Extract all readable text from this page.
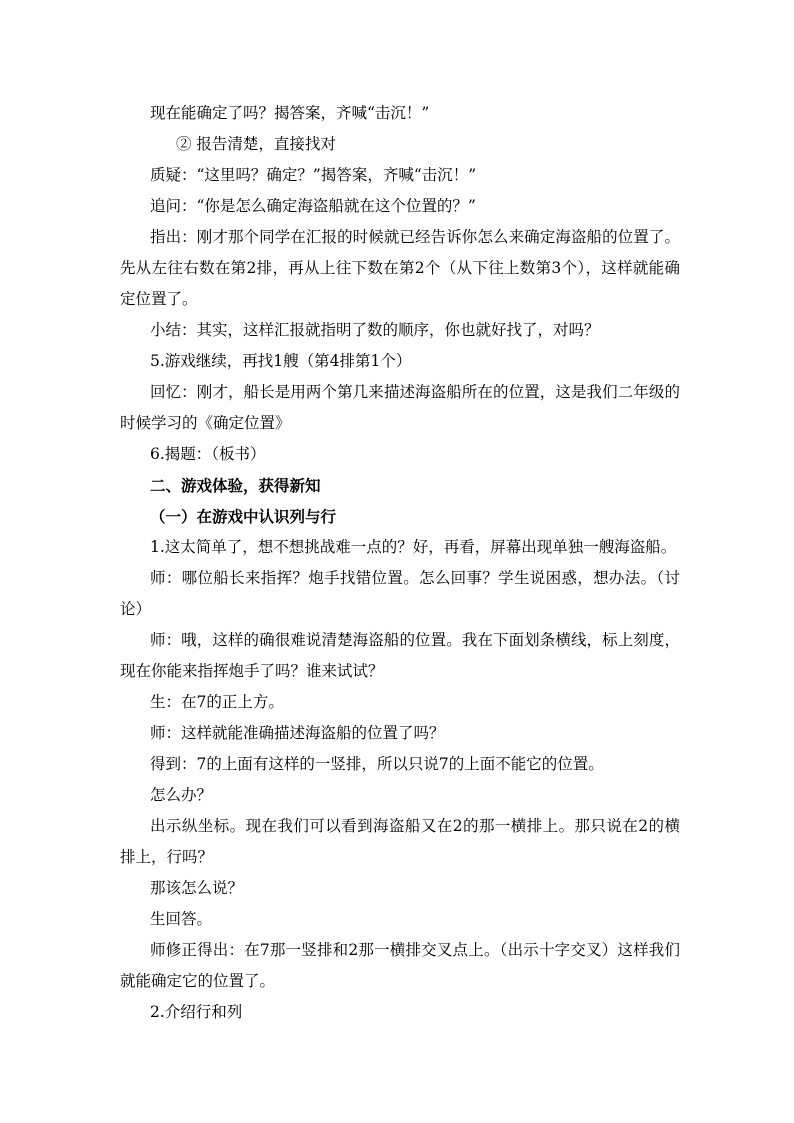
现在能确定了吗？揭答案，齐喊“击沉！”

② 报告清楚，直接找对

质疑：“这里吗？确定？”揭答案，齐喊“击沉！”

追问：“你是怎么确定海盗船就在这个位置的？”

指出：刚才那个同学在汇报的时候就已经告诉你怎么来确定海盗船的位置了。先从左往右数在第2排，再从上往下数在第2个（从下往上数第3个），这样就能确定位置了。

小结：其实，这样汇报就指明了数的顺序，你也就好找了，对吗？

5.游戏继续，再找1艘（第4排第1个）

回忆：刚才，船长是用两个第几来描述海盗船所在的位置，这是我们二年级的时候学习的《确定位置》

6.揭题：（板书）

二、游戏体验，获得新知

（一）在游戏中认识列与行

1.这太简单了，想不想挑战难一点的？好，再看，屏幕出现单独一艘海盗船。

师：哪位船长来指挥？炮手找错位置。怎么回事？学生说困惑，想办法。（讨论）

师：哦，这样的确很难说清楚海盗船的位置。我在下面划条横线，标上刻度，现在你能来指挥炮手了吗？谁来试试？

生：在7的正上方。

师：这样就能准确描述海盗船的位置了吗？

得到：7的上面有这样的一竖排，所以只说7的上面不能它的位置。

怎么办？

出示纵坐标。现在我们可以看到海盗船又在2的那一横排上。那只说在2的横排上，行吗？

那该怎么说？

生回答。

师修正得出：在7那一竖排和2那一横排交叉点上。（出示十字交叉）这样我们就能确定它的位置了。

2.介绍行和列
